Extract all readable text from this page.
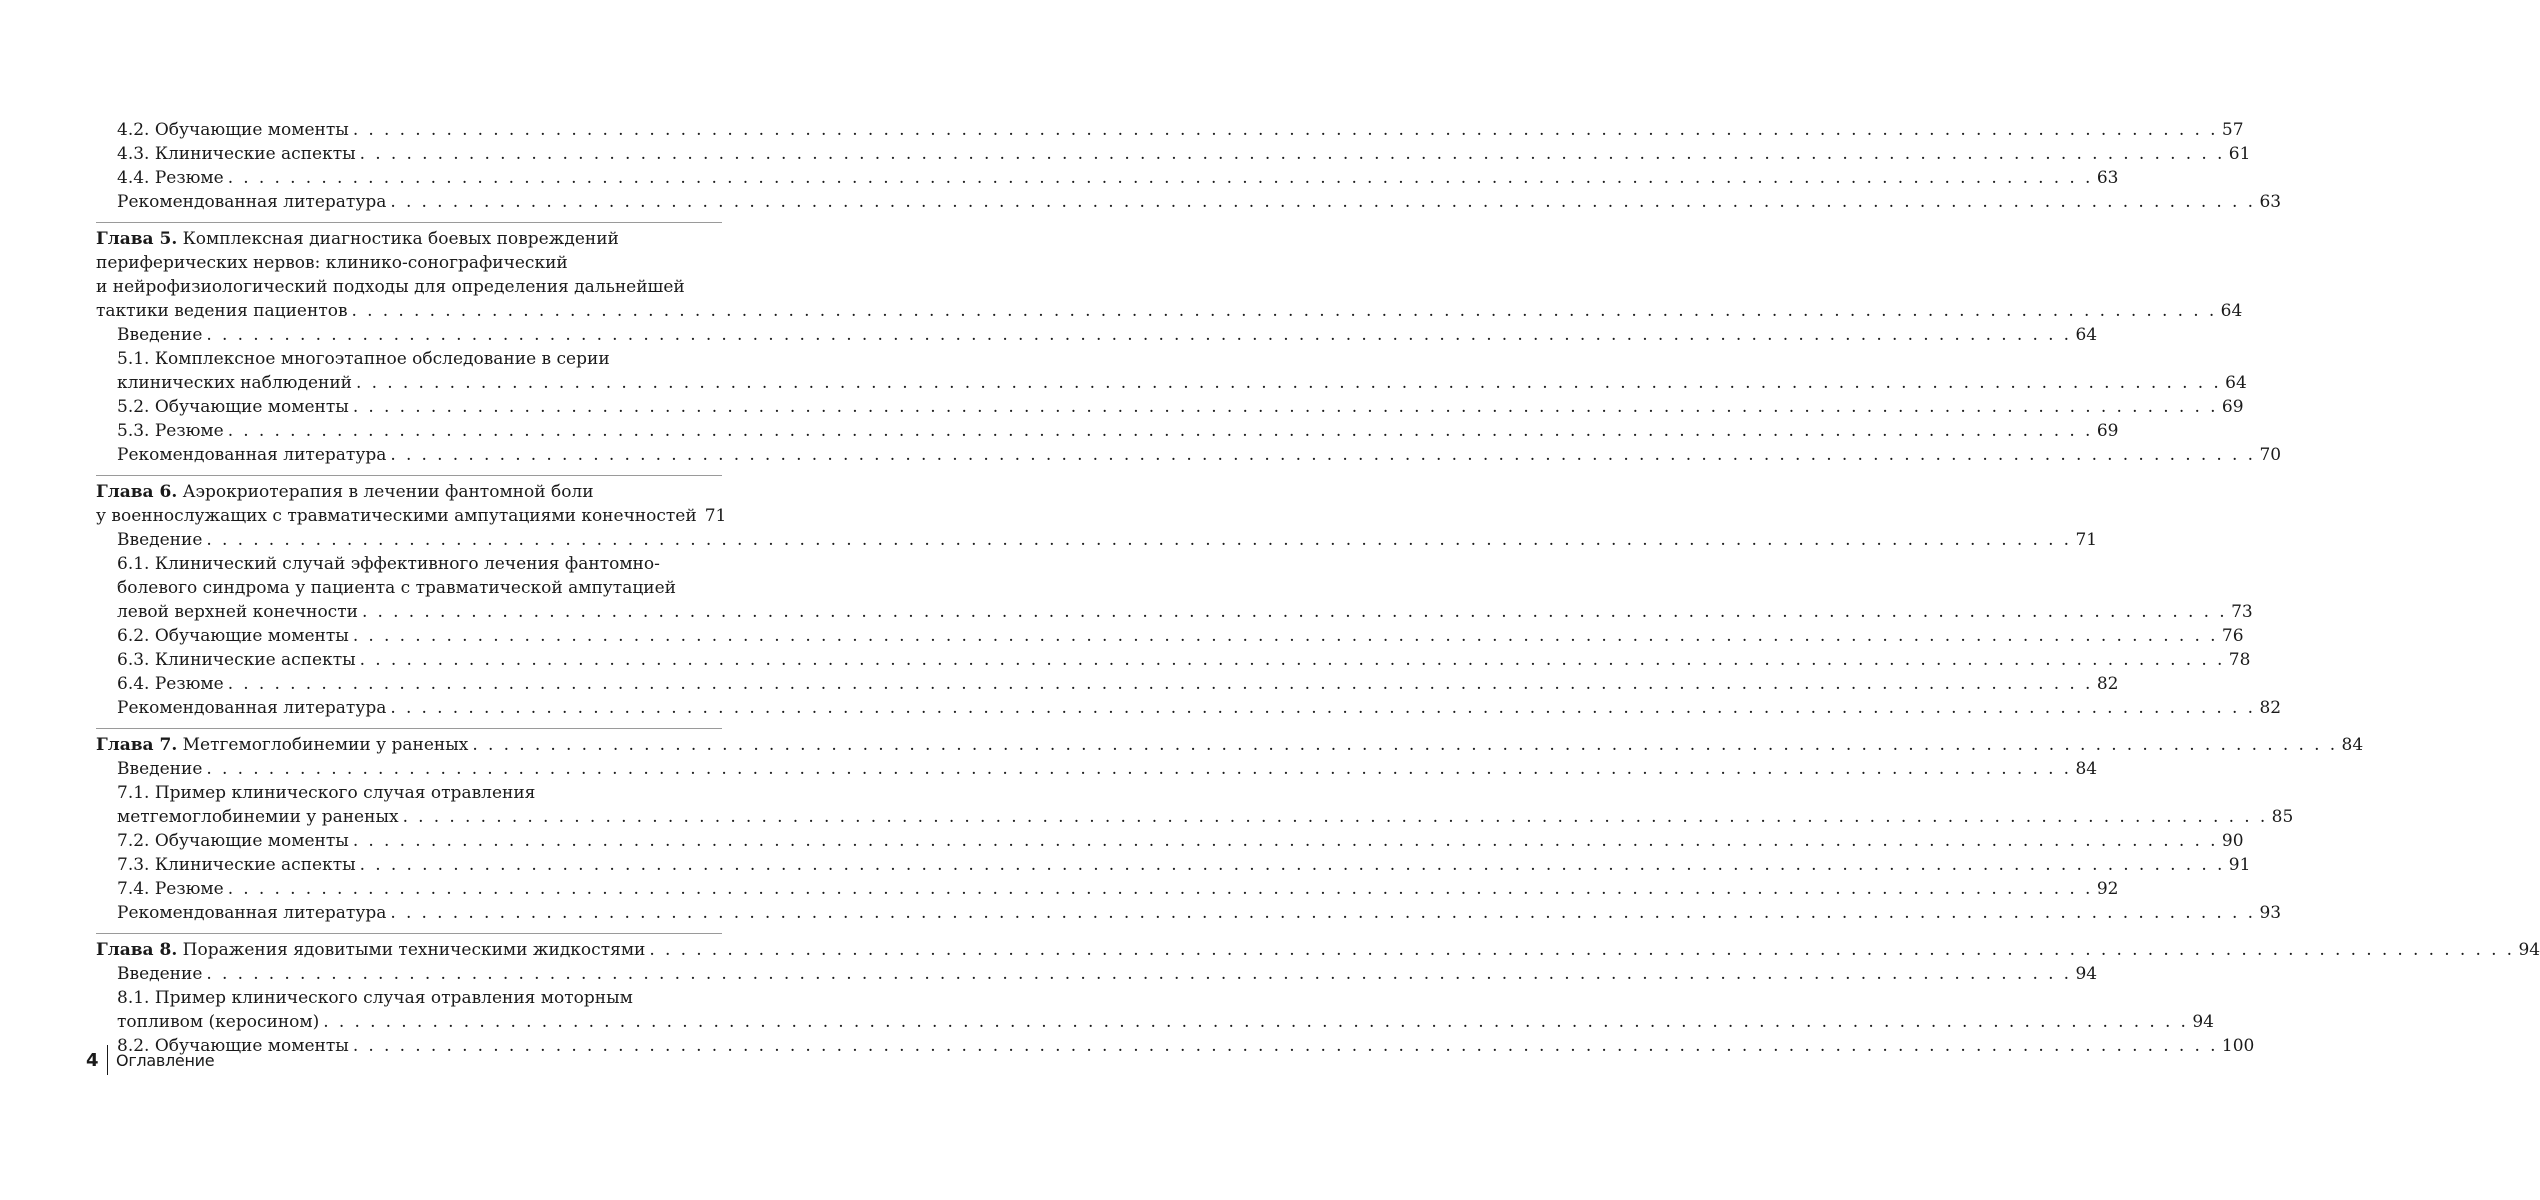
4.2. Обучающие моменты . . . . . . . . . . . . . . . . . . . . . . . . . . . . . . . . . . . . . . . . . . . . . . . . . . . . . . . . . . . . . . . . . . . . . . . . . . . . . . . . . . . . . . . . . . . . . . . . . . . . . . . . . . . . . . . . . . . . . . . . 57
4.3. Клинические аспекты . . . . . . . . . . . . . . . . . . . . . . . . . . . . . . . . . . . . . . . . . . . . . . . . . . . . . . . . . . . . . . . . . . . . . . . . . . . . . . . . . . . . . . . . . . . . . . . . . . . . . . . . . . . . . . . . . . . . . . . . 61
4.4. Резюме . . . . . . . . . . . . . . . . . . . . . . . . . . . . . . . . . . . . . . . . . . . . . . . . . . . . . . . . . . . . . . . . . . . . . . . . . . . . . . . . . . . . . . . . . . . . . . . . . . . . . . . . . . . . . . . . . . . . . . . . 63
Рекомендованная литература . . . . . . . . . . . . . . . . . . . . . . . . . . . . . . . . . . . . . . . . . . . . . . . . . . . . . . . . . . . . . . . . . . . . . . . . . . . . . . . . . . . . . . . . . . . . . . . . . . . . . . . . . . . . . . . . . . . . . . . . 63
Глава 5. Комплексная диагностика боевых повреждений
периферических нервов: клинико-сонографический
и нейрофизиологический подходы для определения дальнейшей
тактики ведения пациентов . . . . . . . . . . . . . . . . . . . . . . . . . . . . . . . . . . . . . . . . . . . . . . . . . . . . . . . . . . . . . . . . . . . . . . . . . . . . . . . . . . . . . . . . . . . . . . . . . . . . . . . . . . . . . . . . . . . . . . . . 64
Введение . . . . . . . . . . . . . . . . . . . . . . . . . . . . . . . . . . . . . . . . . . . . . . . . . . . . . . . . . . . . . . . . . . . . . . . . . . . . . . . . . . . . . . . . . . . . . . . . . . . . . . . . . . . . . . . . . . . . . . . . 64
5.1. Комплексное многоэтапное обследование в серии
клинических наблюдений . . . . . . . . . . . . . . . . . . . . . . . . . . . . . . . . . . . . . . . . . . . . . . . . . . . . . . . . . . . . . . . . . . . . . . . . . . . . . . . . . . . . . . . . . . . . . . . . . . . . . . . . . . . . . . . . . . . . . . . . 64
5.2. Обучающие моменты . . . . . . . . . . . . . . . . . . . . . . . . . . . . . . . . . . . . . . . . . . . . . . . . . . . . . . . . . . . . . . . . . . . . . . . . . . . . . . . . . . . . . . . . . . . . . . . . . . . . . . . . . . . . . . . . . . . . . . . . 69
5.3. Резюме . . . . . . . . . . . . . . . . . . . . . . . . . . . . . . . . . . . . . . . . . . . . . . . . . . . . . . . . . . . . . . . . . . . . . . . . . . . . . . . . . . . . . . . . . . . . . . . . . . . . . . . . . . . . . . . . . . . . . . . . 69
Рекомендованная литература . . . . . . . . . . . . . . . . . . . . . . . . . . . . . . . . . . . . . . . . . . . . . . . . . . . . . . . . . . . . . . . . . . . . . . . . . . . . . . . . . . . . . . . . . . . . . . . . . . . . . . . . . . . . . . . . . . . . . . . . 70
Глава 6. Аэрокриотерапия в лечении фантомной боли
у военнослужащих с травматическими ампутациями конечностей 71
Введение . . . . . . . . . . . . . . . . . . . . . . . . . . . . . . . . . . . . . . . . . . . . . . . . . . . . . . . . . . . . . . . . . . . . . . . . . . . . . . . . . . . . . . . . . . . . . . . . . . . . . . . . . . . . . . . . . . . . . . . . 71
6.1. Клинический случай эффективного лечения фантомно-
болевого синдрома у пациента с травматической ампутацией
левой верхней конечности . . . . . . . . . . . . . . . . . . . . . . . . . . . . . . . . . . . . . . . . . . . . . . . . . . . . . . . . . . . . . . . . . . . . . . . . . . . . . . . . . . . . . . . . . . . . . . . . . . . . . . . . . . . . . . . . . . . . . . . . 73
6.2. Обучающие моменты . . . . . . . . . . . . . . . . . . . . . . . . . . . . . . . . . . . . . . . . . . . . . . . . . . . . . . . . . . . . . . . . . . . . . . . . . . . . . . . . . . . . . . . . . . . . . . . . . . . . . . . . . . . . . . . . . . . . . . . . 76
6.3. Клинические аспекты . . . . . . . . . . . . . . . . . . . . . . . . . . . . . . . . . . . . . . . . . . . . . . . . . . . . . . . . . . . . . . . . . . . . . . . . . . . . . . . . . . . . . . . . . . . . . . . . . . . . . . . . . . . . . . . . . . . . . . . . 78
6.4. Резюме . . . . . . . . . . . . . . . . . . . . . . . . . . . . . . . . . . . . . . . . . . . . . . . . . . . . . . . . . . . . . . . . . . . . . . . . . . . . . . . . . . . . . . . . . . . . . . . . . . . . . . . . . . . . . . . . . . . . . . . . 82
Рекомендованная литература . . . . . . . . . . . . . . . . . . . . . . . . . . . . . . . . . . . . . . . . . . . . . . . . . . . . . . . . . . . . . . . . . . . . . . . . . . . . . . . . . . . . . . . . . . . . . . . . . . . . . . . . . . . . . . . . . . . . . . . . 82
Глава 7. Метгемоглобинемии у раненых . . . . . . . . . . . . . . . . . . . . . . . . . . . . . . . . . . . . . . . . . . . . . . . . . . . . . . . . . . . . . . . . . . . . . . . . . . . . . . . . . . . . . . . . . . . . . . . . . . . . . . . . . . . . . . . . . . . . . . . . 84
Введение . . . . . . . . . . . . . . . . . . . . . . . . . . . . . . . . . . . . . . . . . . . . . . . . . . . . . . . . . . . . . . . . . . . . . . . . . . . . . . . . . . . . . . . . . . . . . . . . . . . . . . . . . . . . . . . . . . . . . . . . 84
7.1. Пример клинического случая отравления
метгемоглобинемии у раненых . . . . . . . . . . . . . . . . . . . . . . . . . . . . . . . . . . . . . . . . . . . . . . . . . . . . . . . . . . . . . . . . . . . . . . . . . . . . . . . . . . . . . . . . . . . . . . . . . . . . . . . . . . . . . . . . . . . . . . . . 85
7.2. Обучающие моменты . . . . . . . . . . . . . . . . . . . . . . . . . . . . . . . . . . . . . . . . . . . . . . . . . . . . . . . . . . . . . . . . . . . . . . . . . . . . . . . . . . . . . . . . . . . . . . . . . . . . . . . . . . . . . . . . . . . . . . . . 90
7.3. Клинические аспекты . . . . . . . . . . . . . . . . . . . . . . . . . . . . . . . . . . . . . . . . . . . . . . . . . . . . . . . . . . . . . . . . . . . . . . . . . . . . . . . . . . . . . . . . . . . . . . . . . . . . . . . . . . . . . . . . . . . . . . . . 91
7.4. Резюме . . . . . . . . . . . . . . . . . . . . . . . . . . . . . . . . . . . . . . . . . . . . . . . . . . . . . . . . . . . . . . . . . . . . . . . . . . . . . . . . . . . . . . . . . . . . . . . . . . . . . . . . . . . . . . . . . . . . . . . . 92
Рекомендованная литература . . . . . . . . . . . . . . . . . . . . . . . . . . . . . . . . . . . . . . . . . . . . . . . . . . . . . . . . . . . . . . . . . . . . . . . . . . . . . . . . . . . . . . . . . . . . . . . . . . . . . . . . . . . . . . . . . . . . . . . . 93
Глава 8. Поражения ядовитыми техническими жидкостями . . . . . . . . . . . . . . . . . . . . . . . . . . . . . . . . . . . . . . . . . . . . . . . . . . . . . . . . . . . . . . . . . . . . . . . . . . . . . . . . . . . . . . . . . . . . . . . . . . . . . . . . . . . . . . . . . . . . . . . . 94
Введение . . . . . . . . . . . . . . . . . . . . . . . . . . . . . . . . . . . . . . . . . . . . . . . . . . . . . . . . . . . . . . . . . . . . . . . . . . . . . . . . . . . . . . . . . . . . . . . . . . . . . . . . . . . . . . . . . . . . . . . . 94
8.1. Пример клинического случая отравления моторным
топливом (керосином) . . . . . . . . . . . . . . . . . . . . . . . . . . . . . . . . . . . . . . . . . . . . . . . . . . . . . . . . . . . . . . . . . . . . . . . . . . . . . . . . . . . . . . . . . . . . . . . . . . . . . . . . . . . . . . . . . . . . . . . . 94
8.2. Обучающие моменты . . . . . . . . . . . . . . . . . . . . . . . . . . . . . . . . . . . . . . . . . . . . . . . . . . . . . . . . . . . . . . . . . . . . . . . . . . . . . . . . . . . . . . . . . . . . . . . . . . . . . . . . . . . . . . . . . . . . . . . . 100
4	Оглавление
